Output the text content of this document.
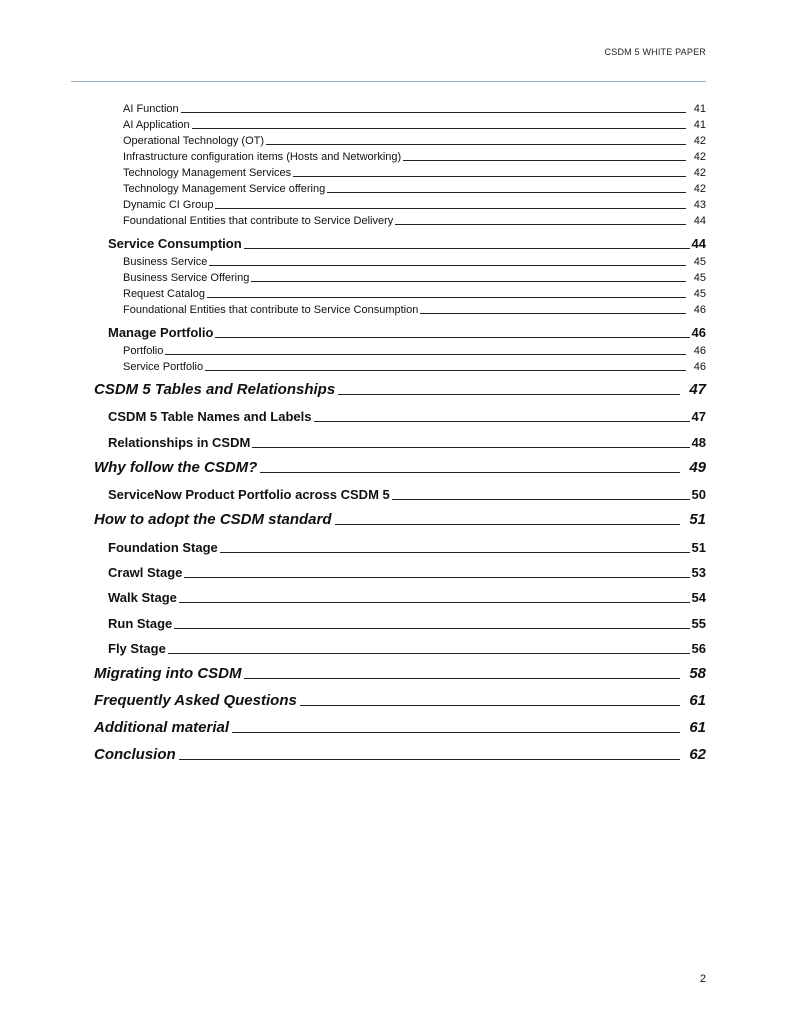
CSDM 5 WHITE PAPER
AI Function	41
AI Application	41
Operational Technology (OT)	42
Infrastructure configuration items (Hosts and Networking)	42
Technology Management Services	42
Technology Management Service offering	42
Dynamic CI Group	43
Foundational Entities that contribute to Service Delivery	44
Service Consumption	44
Business Service	45
Business Service Offering	45
Request Catalog	45
Foundational Entities that contribute to Service Consumption	46
Manage Portfolio	46
Portfolio	46
Service Portfolio	46
CSDM 5 Tables and Relationships	47
CSDM 5 Table Names and Labels	47
Relationships in CSDM	48
Why follow the CSDM?	49
ServiceNow Product Portfolio across CSDM 5	50
How to adopt the CSDM standard	51
Foundation Stage	51
Crawl Stage	53
Walk Stage	54
Run Stage	55
Fly Stage	56
Migrating into CSDM	58
Frequently Asked Questions	61
Additional material	61
Conclusion	62
2
